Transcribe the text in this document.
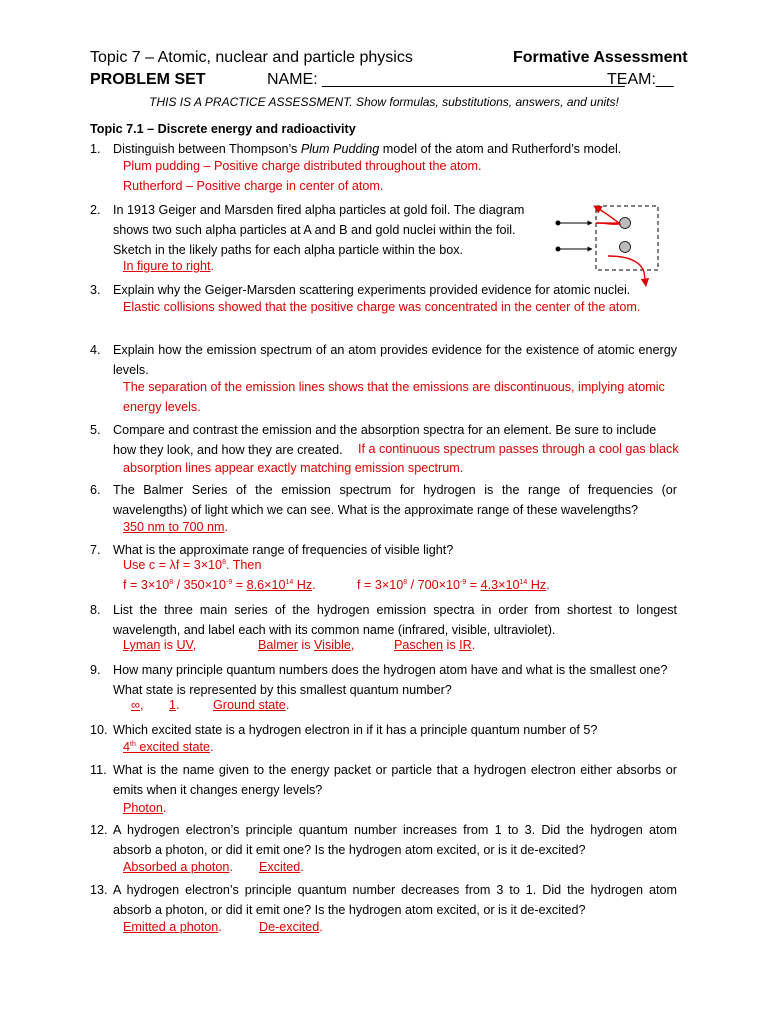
Topic 7 – Atomic, nuclear and particle physics	Formative Assessment
PROBLEM SET	NAME: __________________________________
TEAM:__
THIS IS A PRACTICE ASSESSMENT. Show formulas, substitutions, answers, and units!
Topic 7.1 – Discrete energy and radioactivity
1. Distinguish between Thompson’s Plum Pudding model of the atom and Rutherford’s model.
Plum pudding – Positive charge distributed throughout the atom.
Rutherford – Positive charge in center of atom.
2. In 1913 Geiger and Marsden fired alpha particles at gold foil. The diagram
shows two such alpha particles at A and B and gold nuclei within the foil.
Sketch in the likely paths for each alpha particle within the box.
In figure to right.
3. Explain why the Geiger-Marsden scattering experiments provided evidence for atomic nuclei.
Elastic collisions showed that the positive charge was concentrated in the center of the atom.
4. Explain how the emission spectrum of an atom provides evidence for the existence of atomic energy levels.
The separation of the emission lines shows that the emissions are discontinuous, implying atomic
energy levels.
5. Compare and contrast the emission and the absorption spectra for an element. Be sure to include
how they look, and how they are created.	If a continuous spectrum passes through a cool gas black
absorption lines appear exactly matching emission spectrum.
6. The Balmer Series of the emission spectrum for hydrogen is the range of frequencies (or wavelengths) of light which we can see. What is the approximate range of these wavelengths?
350 nm to 700 nm.
7. What is the approximate range of frequencies of visible light?
Use $c = \lambda f = 3\times 10^8$. Then
$f = 3\times 10^8 / 350\times 10^{-9} = 8.6\times 10^{14}$ Hz.	$f = 3\times 10^8 / 700\times 10^{-9} = 4.3\times 10^{14}$ Hz.
8. List the three main series of the hydrogen emission spectra in order from shortest to longest wavelength, and label each with its common name (infrared, visible, ultraviolet).
Lyman is UV,	Balmer is Visible,	Paschen is IR.
9. How many principle quantum numbers does the hydrogen atom have and what is the smallest one?
What state is represented by this smallest quantum number?
∞, 1.	Ground state.
10. Which excited state is a hydrogen electron in if it has a principle quantum number of 5?
4th excited state.
11. What is the name given to the energy packet or particle that a hydrogen electron either absorbs or emits when it changes energy levels?
Photon.
12. A hydrogen electron’s principle quantum number increases from 1 to 3. Did the hydrogen atom absorb a photon, or did it emit one? Is the hydrogen atom excited, or is it de-excited?
Absorbed a photon. Excited.
13. A hydrogen electron’s principle quantum number decreases from 3 to 1. Did the hydrogen atom absorb a photon, or did it emit one? Is the hydrogen atom excited, or is it de-excited?
Emitted a photon.	De-excited.
